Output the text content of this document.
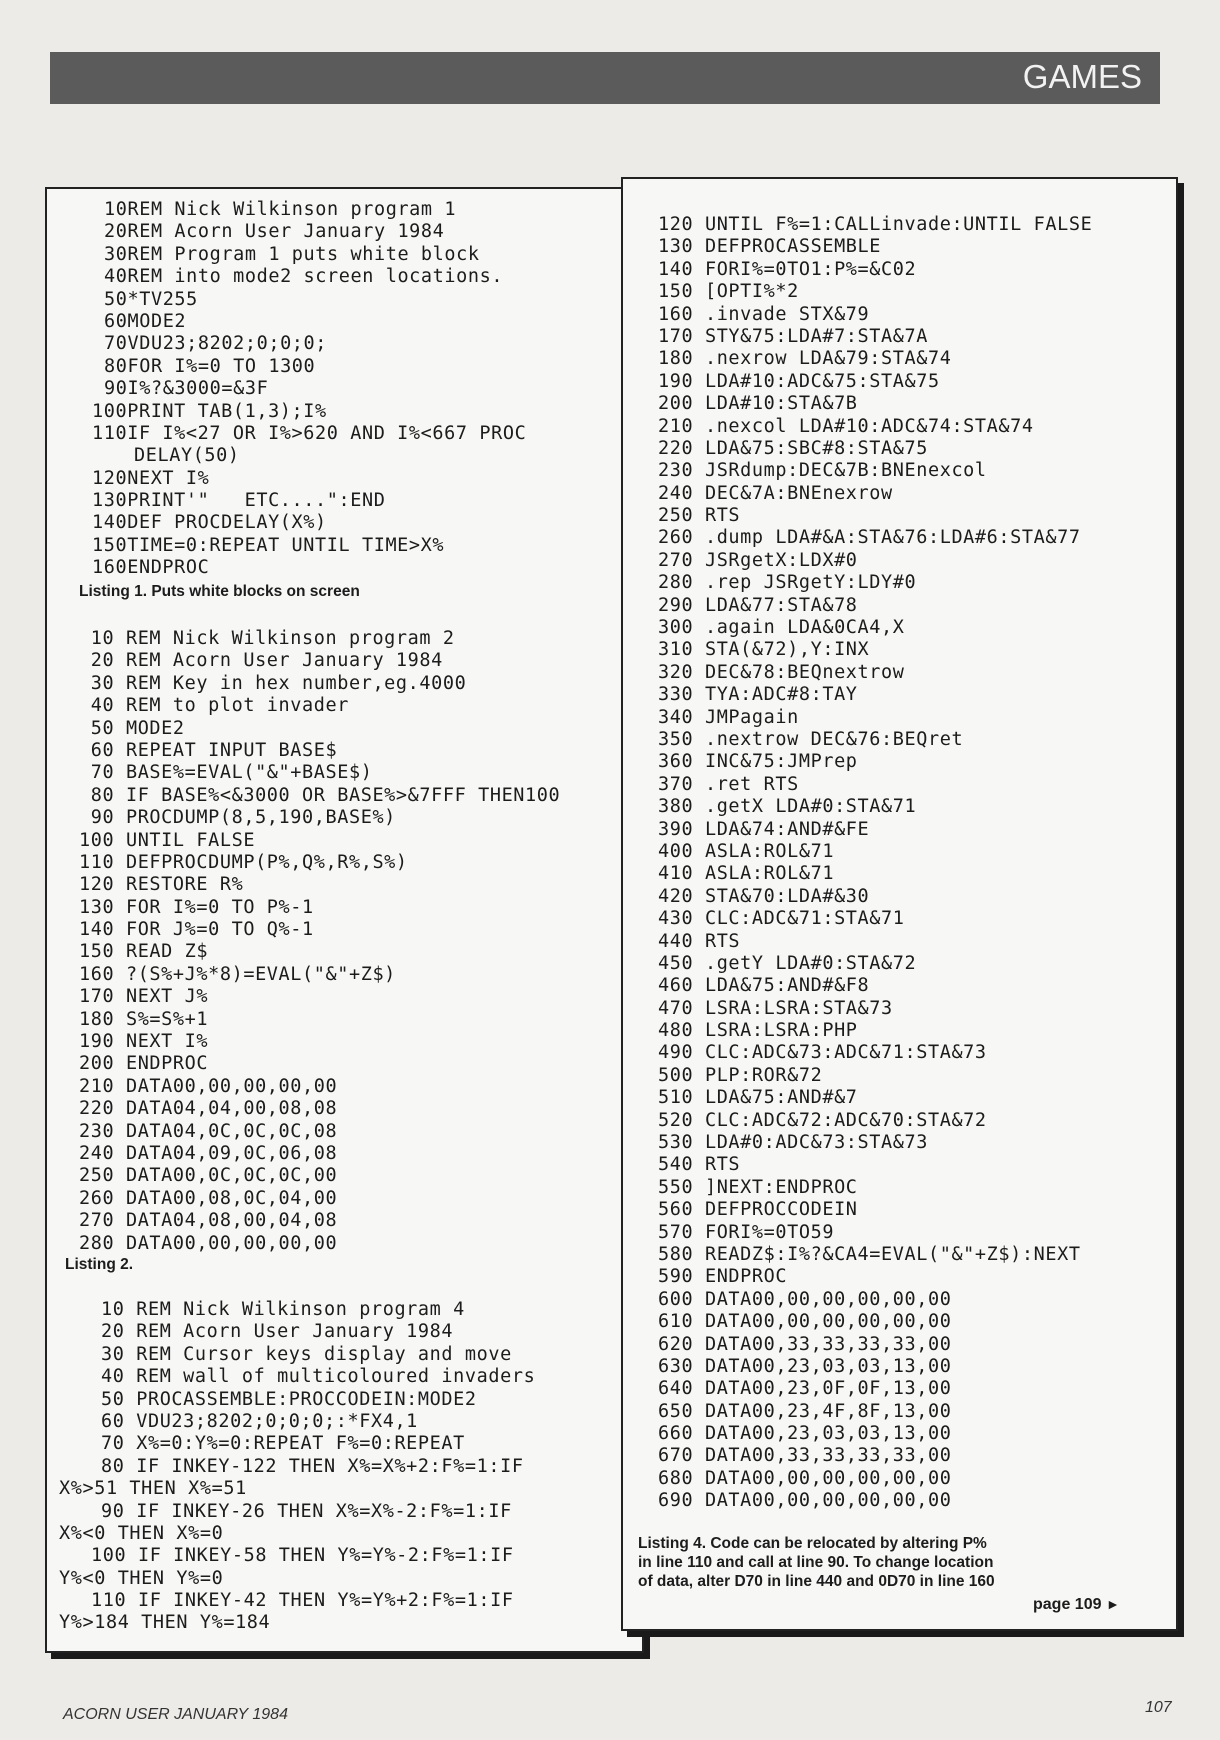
GAMES
10REM Nick Wilkinson program 1
20REM Acorn User January 1984
30REM Program 1 puts white block
40REM into mode2 screen locations.
50*TV255
60MODE2
70VDU23;8202;0;0;0;
80FOR I%=0 TO 1300
90I%?&3000=&3F
100PRINT TAB(1,3);I%
110IF I%<27 OR I%>620 AND I%<667 PROC
DELAY(50)
120NEXT I%
130PRINT'"   ETC....":END
140DEF PROCDELAY(X%)
150TIME=0:REPEAT UNTIL TIME>X%
160ENDPROC
Listing 1. Puts white blocks on screen
10 REM Nick Wilkinson program 2
20 REM Acorn User January 1984
30 REM Key in hex number,eg.4000
40 REM to plot invader
50 MODE2
60 REPEAT INPUT BASE$
70 BASE%=EVAL("&"+BASE$)
80 IF BASE%<&3000 OR BASE%>&7FFF THEN100
90 PROCDUMP(8,5,190,BASE%)
100 UNTIL FALSE
110 DEFPROCDUMP(P%,Q%,R%,S%)
120 RESTORE R%
130 FOR I%=0 TO P%-1
140 FOR J%=0 TO Q%-1
150 READ Z$
160 ?(S%+J%*8)=EVAL("&"+Z$)
170 NEXT J%
180 S%=S%+1
190 NEXT I%
200 ENDPROC
210 DATA00,00,00,00,00
220 DATA04,04,00,08,08
230 DATA04,0C,0C,0C,08
240 DATA04,09,0C,06,08
250 DATA00,0C,0C,0C,00
260 DATA00,08,0C,04,00
270 DATA04,08,00,04,08
280 DATA00,00,00,00,00
Listing 2.
10 REM Nick Wilkinson program 4
20 REM Acorn User January 1984
30 REM Cursor keys display and move
40 REM wall of multicoloured invaders
50 PROCASSEMBLE:PROCCODEIN:MODE2
60 VDU23;8202;0;0;0;:*FX4,1
70 X%=0:Y%=0:REPEAT F%=0:REPEAT
80 IF INKEY-122 THEN X%=X%+2:F%=1:IF
X%>51 THEN X%=51
90 IF INKEY-26 THEN X%=X%-2:F%=1:IF
X%<0 THEN X%=0
100 IF INKEY-58 THEN Y%=Y%-2:F%=1:IF
Y%<0 THEN Y%=0
110 IF INKEY-42 THEN Y%=Y%+2:F%=1:IF
Y%>184 THEN Y%=184
120 UNTIL F%=1:CALLinvade:UNTIL FALSE
130 DEFPROCASSEMBLE
140 FORI%=0TO1:P%=&C02
150 [OPTI%*2
160 .invade STX&79
170 STY&75:LDA#7:STA&7A
180 .nexrow LDA&79:STA&74
190 LDA#10:ADC&75:STA&75
200 LDA#10:STA&7B
210 .nexcol LDA#10:ADC&74:STA&74
220 LDA&75:SBC#8:STA&75
230 JSRdump:DEC&7B:BNEnexcol
240 DEC&7A:BNEnexrow
250 RTS
260 .dump LDA#&A:STA&76:LDA#6:STA&77
270 JSRgetX:LDX#0
280 .rep JSRgetY:LDY#0
290 LDA&77:STA&78
300 .again LDA&0CA4,X
310 STA(&72),Y:INX
320 DEC&78:BEQnextrow
330 TYA:ADC#8:TAY
340 JMPagain
350 .nextrow DEC&76:BEQret
360 INC&75:JMPrep
370 .ret RTS
380 .getX LDA#0:STA&71
390 LDA&74:AND#&FE
400 ASLA:ROL&71
410 ASLA:ROL&71
420 STA&70:LDA#&30
430 CLC:ADC&71:STA&71
440 RTS
450 .getY LDA#0:STA&72
460 LDA&75:AND#&F8
470 LSRA:LSRA:STA&73
480 LSRA:LSRA:PHP
490 CLC:ADC&73:ADC&71:STA&73
500 PLP:ROR&72
510 LDA&75:AND#&7
520 CLC:ADC&72:ADC&70:STA&72
530 LDA#0:ADC&73:STA&73
540 RTS
550 ]NEXT:ENDPROC
560 DEFPROCCODEIN
570 FORI%=0TO59
580 READZ$:I%?&CA4=EVAL("&"+Z$):NEXT
590 ENDPROC
600 DATA00,00,00,00,00,00
610 DATA00,00,00,00,00,00
620 DATA00,33,33,33,33,00
630 DATA00,23,03,03,13,00
640 DATA00,23,0F,0F,13,00
650 DATA00,23,4F,8F,13,00
660 DATA00,23,03,03,13,00
670 DATA00,33,33,33,33,00
680 DATA00,00,00,00,00,00
690 DATA00,00,00,00,00,00
Listing 4. Code can be relocated by altering P% in line 110 and call at line 90. To change location of data, alter D70 in line 440 and 0D70 in line 160
page 109 ►
ACORN USER JANUARY 1984	107
